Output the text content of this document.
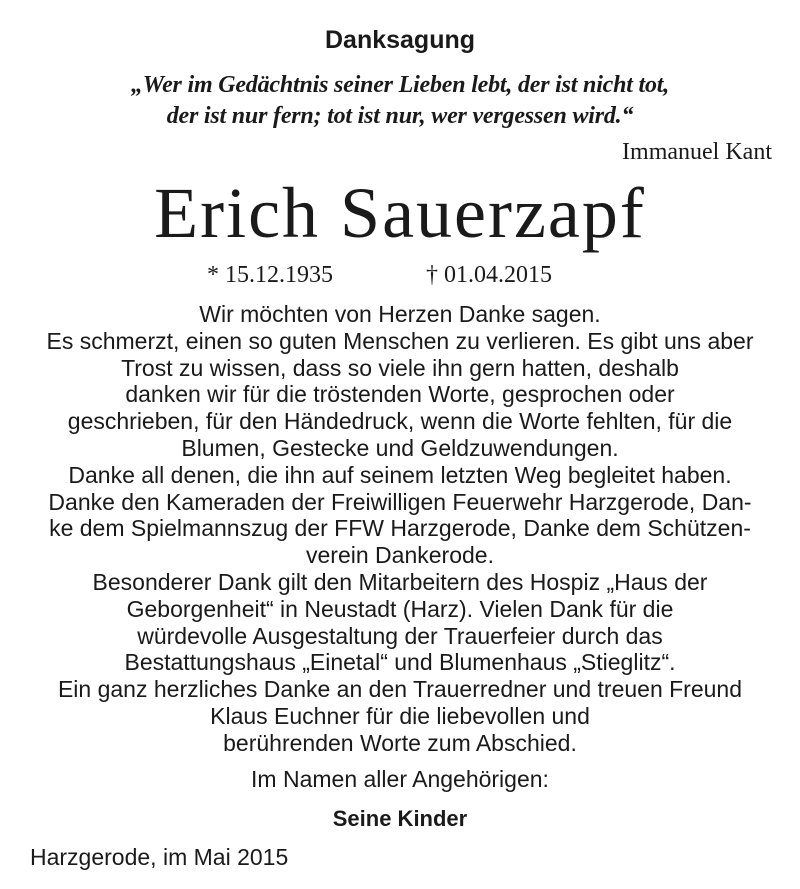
Danksagung
„Wer im Gedächtnis seiner Lieben lebt, der ist nicht tot,
der ist nur fern; tot ist nur, wer vergessen wird.“
Immanuel Kant
Erich Sauerzapf
* 15.12.1935	† 01.04.2015
Wir möchten von Herzen Danke sagen.
Es schmerzt, einen so guten Menschen zu verlieren. Es gibt uns aber
Trost zu wissen, dass so viele ihn gern hatten, deshalb
danken wir für die tröstenden Worte, gesprochen oder
geschrieben, für den Händedruck, wenn die Worte fehlten, für die
Blumen, Gestecke und Geldzuwendungen.
Danke all denen, die ihn auf seinem letzten Weg begleitet haben.
Danke den Kameraden der Freiwilligen Feuerwehr Harzgerode, Dan-
ke dem Spielmannszug der FFW Harzgerode, Danke dem Schützen-
verein Dankerode.
Besonderer Dank gilt den Mitarbeitern des Hospiz „Haus der
Geborgenheit“ in Neustadt (Harz). Vielen Dank für die
würdevolle Ausgestaltung der Trauerfeier durch das
Bestattungshaus „Einetal“ und Blumenhaus „Stieglitz“.
Ein ganz herzliches Danke an den Trauerredner und treuen Freund
Klaus Euchner für die liebevollen und
berührenden Worte zum Abschied.
Im Namen aller Angehörigen:
Seine Kinder
Harzgerode, im Mai 2015
